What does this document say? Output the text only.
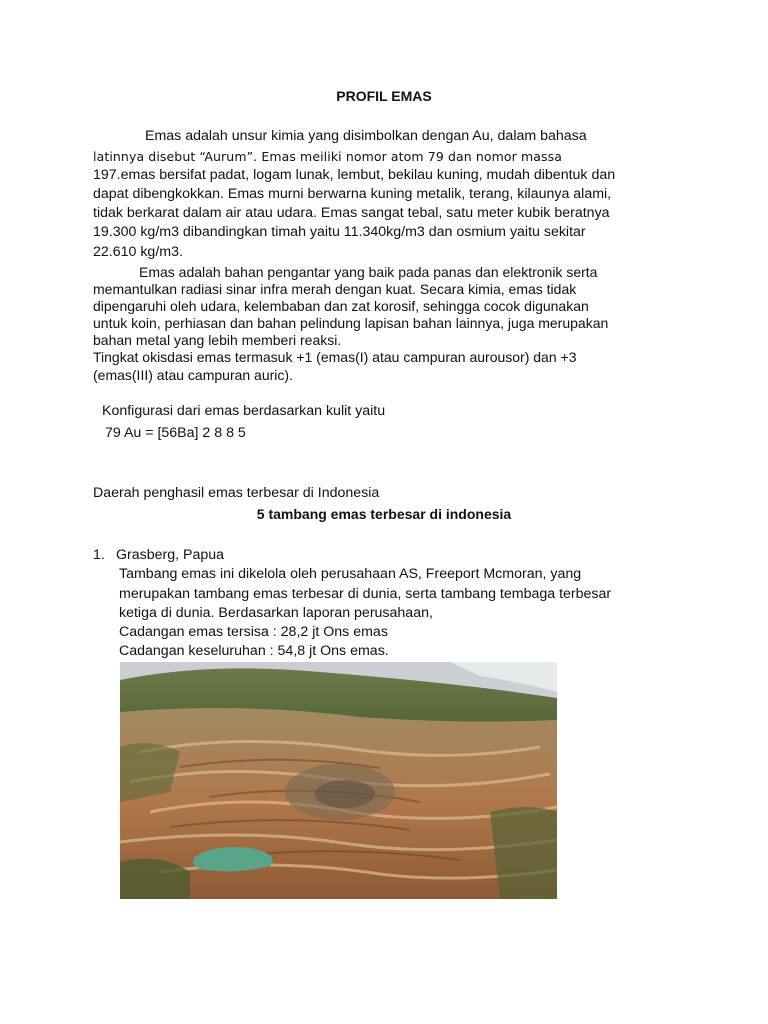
PROFIL EMAS
Emas adalah unsur kimia yang disimbolkan dengan Au, dalam bahasa
latinnya disebut “Aurum”. Emas meiliki nomor atom 79 dan nomor massa
197.emas bersifat padat, logam lunak, lembut, bekilau kuning, mudah dibentuk dan
dapat dibengkokkan. Emas murni berwarna kuning metalik, terang, kilaunya alami,
tidak berkarat dalam air atau udara. Emas sangat tebal, satu meter kubik beratnya
19.300 kg/m3 dibandingkan timah yaitu 11.340kg/m3 dan osmium yaitu sekitar
22.610 kg/m3.
Emas adalah bahan pengantar yang baik pada panas dan elektronik serta
memantulkan radiasi sinar infra merah dengan kuat. Secara kimia, emas tidak
dipengaruhi oleh udara, kelembaban dan zat korosif, sehingga cocok digunakan
untuk koin, perhiasan dan bahan pelindung lapisan bahan lainnya, juga merupakan
bahan metal yang lebih memberi reaksi.
Tingkat okisdasi emas termasuk +1 (emas(I) atau campuran aurousor) dan +3
(emas(III) atau campuran auric).
Konfigurasi dari emas berdasarkan kulit yaitu
79 Au = [56Ba] 2 8 8 5
Daerah penghasil emas terbesar di Indonesia
5 tambang emas terbesar di indonesia
1. Grasberg, Papua
Tambang emas ini dikelola oleh perusahaan AS, Freeport Mcmoran, yang
merupakan tambang emas terbesar di dunia, serta tambang tembaga terbesar
ketiga di dunia. Berdasarkan laporan perusahaan,
Cadangan emas tersisa : 28,2 jt Ons emas
Cadangan keseluruhan : 54,8 jt Ons emas.
